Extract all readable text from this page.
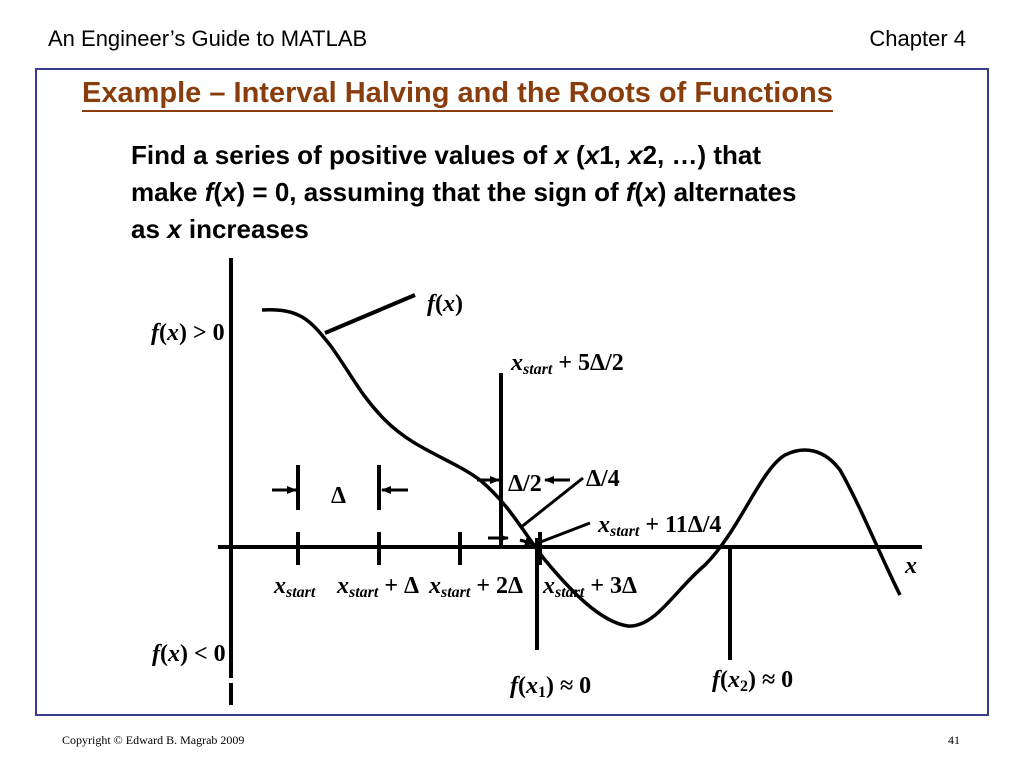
An Engineer’s Guide to MATLAB	Chapter 4
Example – Interval Halving and the Roots of Functions
Find a series of positive values of x (x1, x2, …) that
make f(x) = 0, assuming that the sign of f(x) alternates
as x increases
f(x)
f(x) > 0
f(x) < 0
x
Δ	Δ/2 Δ/4
xstart xstart + Δ xstart + 2Δ xstart + 3Δ
xstart + 5Δ/2
xstart + 11Δ/4
f(x1) ≈ 0	f(x2) ≈ 0
Copyright © Edward B. Magrab 2009	41
